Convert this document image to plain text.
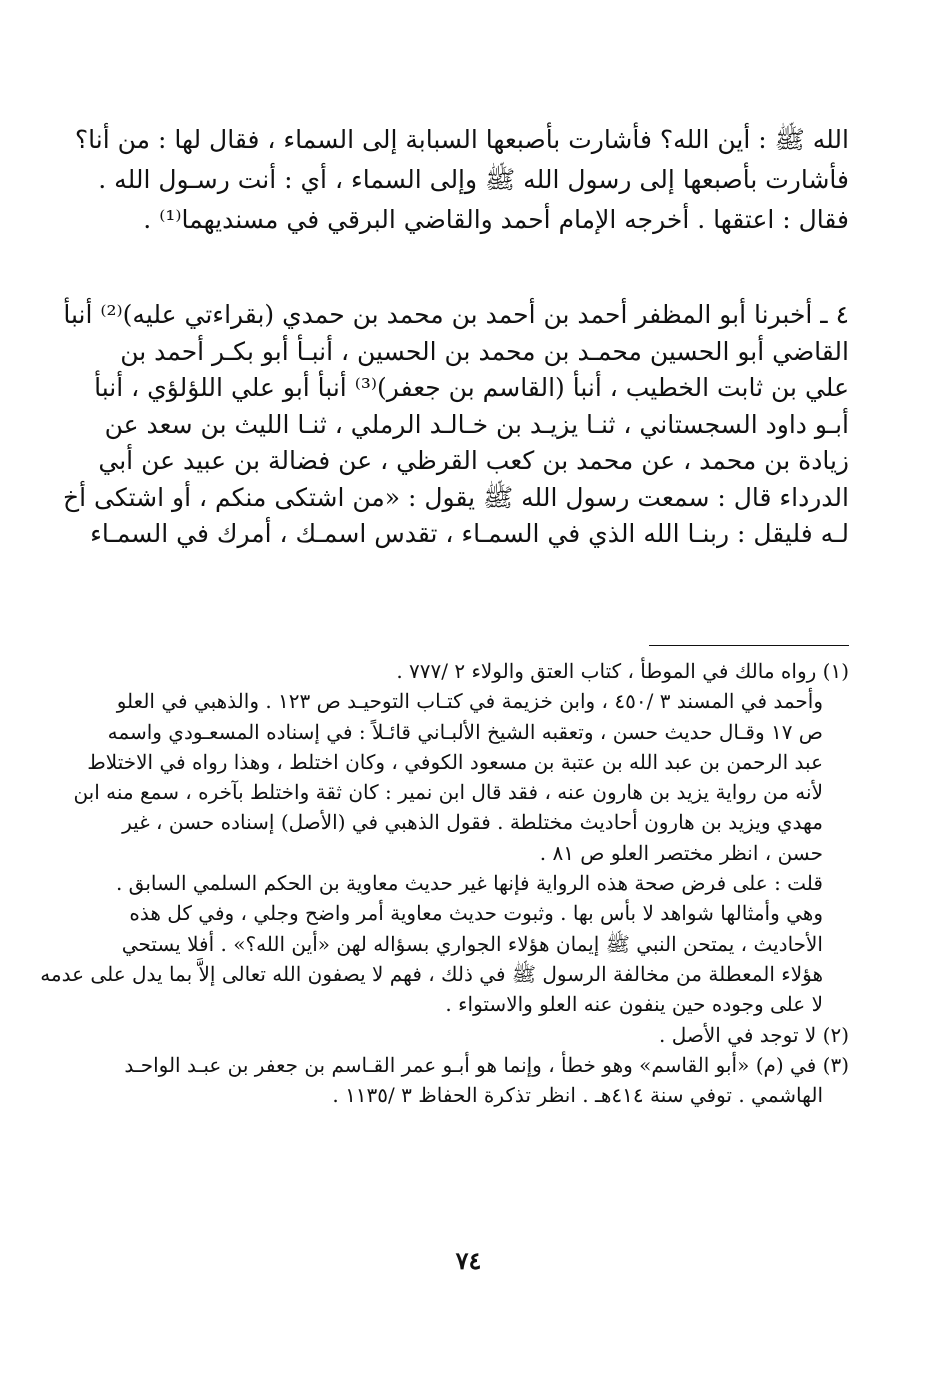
الله ﷺ : أين الله؟ فأشارت بأصبعها السبابة إلى السماء ، فقال لها : من أنا؟
فأشارت بأصبعها إلى رسول الله ﷺ وإلى السماء ، أي : أنت رسـول الله .
فقال : اعتقها . أخرجه الإمام أحمد والقاضي البرقي في مسنديهما⁽¹⁾ .
٤ ـ أخبرنا أبو المظفر أحمد بن أحمد بن محمد بن حمدي (بقراءتي عليه)⁽²⁾ أنبأ
القاضي أبو الحسين محمـد بن محمد بن الحسين ، أنبـأ أبو بكـر أحمد بن
علي بن ثابت الخطيب ، أنبأ (القاسم بن جعفر)⁽³⁾ أنبأ أبو علي اللؤلؤي ، أنبأ
أبـو داود السجستاني ، ثنـا يزيـد بن خـالـد الرملي ، ثنـا الليث بن سعد عن
زيادة بن محمد ، عن محمد بن كعب القرظي ، عن فضالة بن عبيد عن أبي
الدرداء قال : سمعت رسول الله ﷺ يقول : «من اشتكى منكم ، أو اشتكى أخ
لـه فليقل : ربنـا الله الذي في السمـاء ، تقدس اسمـك ، أمرك في السمـاء
(١) رواه مالك في الموطأ ، كتاب العتق والولاء ٢ /٧٧٧ .
وأحمد في المسند ٣ /٤٥٠ ، وابن خزيمة في كتـاب التوحيـد ص ١٢٣ . والذهبي في العلو
ص ١٧ وقـال حديث حسن ، وتعقبه الشيخ الألبـاني قائـلاً : في إسناده المسعـودي واسمه
عبد الرحمن بن عبد الله بن عتبة بن مسعود الكوفي ، وكان اختلط ، وهذا رواه في الاختلاط
لأنه من رواية يزيد بن هارون عنه ، فقد قال ابن نمير : كان ثقة واختلط بآخره ، سمع منه ابن
مهدي ويزيد بن هارون أحاديث مختلطة . فقول الذهبي في (الأصل) إسناده حسن ، غير
حسن ، انظر مختصر العلو ص ٨١ .
قلت : على فرض صحة هذه الرواية فإنها غير حديث معاوية بن الحكم السلمي السابق .
وهي وأمثالها شواهد لا بأس بها . وثبوت حديث معاوية أمر واضح وجلي ، وفي كل هذه
الأحاديث ، يمتحن النبي ﷺ إيمان هؤلاء الجواري بسؤاله لهن «أين الله؟» . أفلا يستحي
هؤلاء المعطلة من مخالفة الرسول ﷺ في ذلك ، فهم لا يصفون الله تعالى إلاَّ بما يدل على عدمه
لا على وجوده حين ينفون عنه العلو والاستواء .
(٢) لا توجد في الأصل .
(٣) في (م) «أبو القاسم» وهو خطأ ، وإنما هو أبـو عمر القـاسم بن جعفر بن عبـد الواحـد
الهاشمي . توفي سنة ٤١٤هـ . انظر تذكرة الحفاظ ٣ /١١٣٥ .
٧٤
